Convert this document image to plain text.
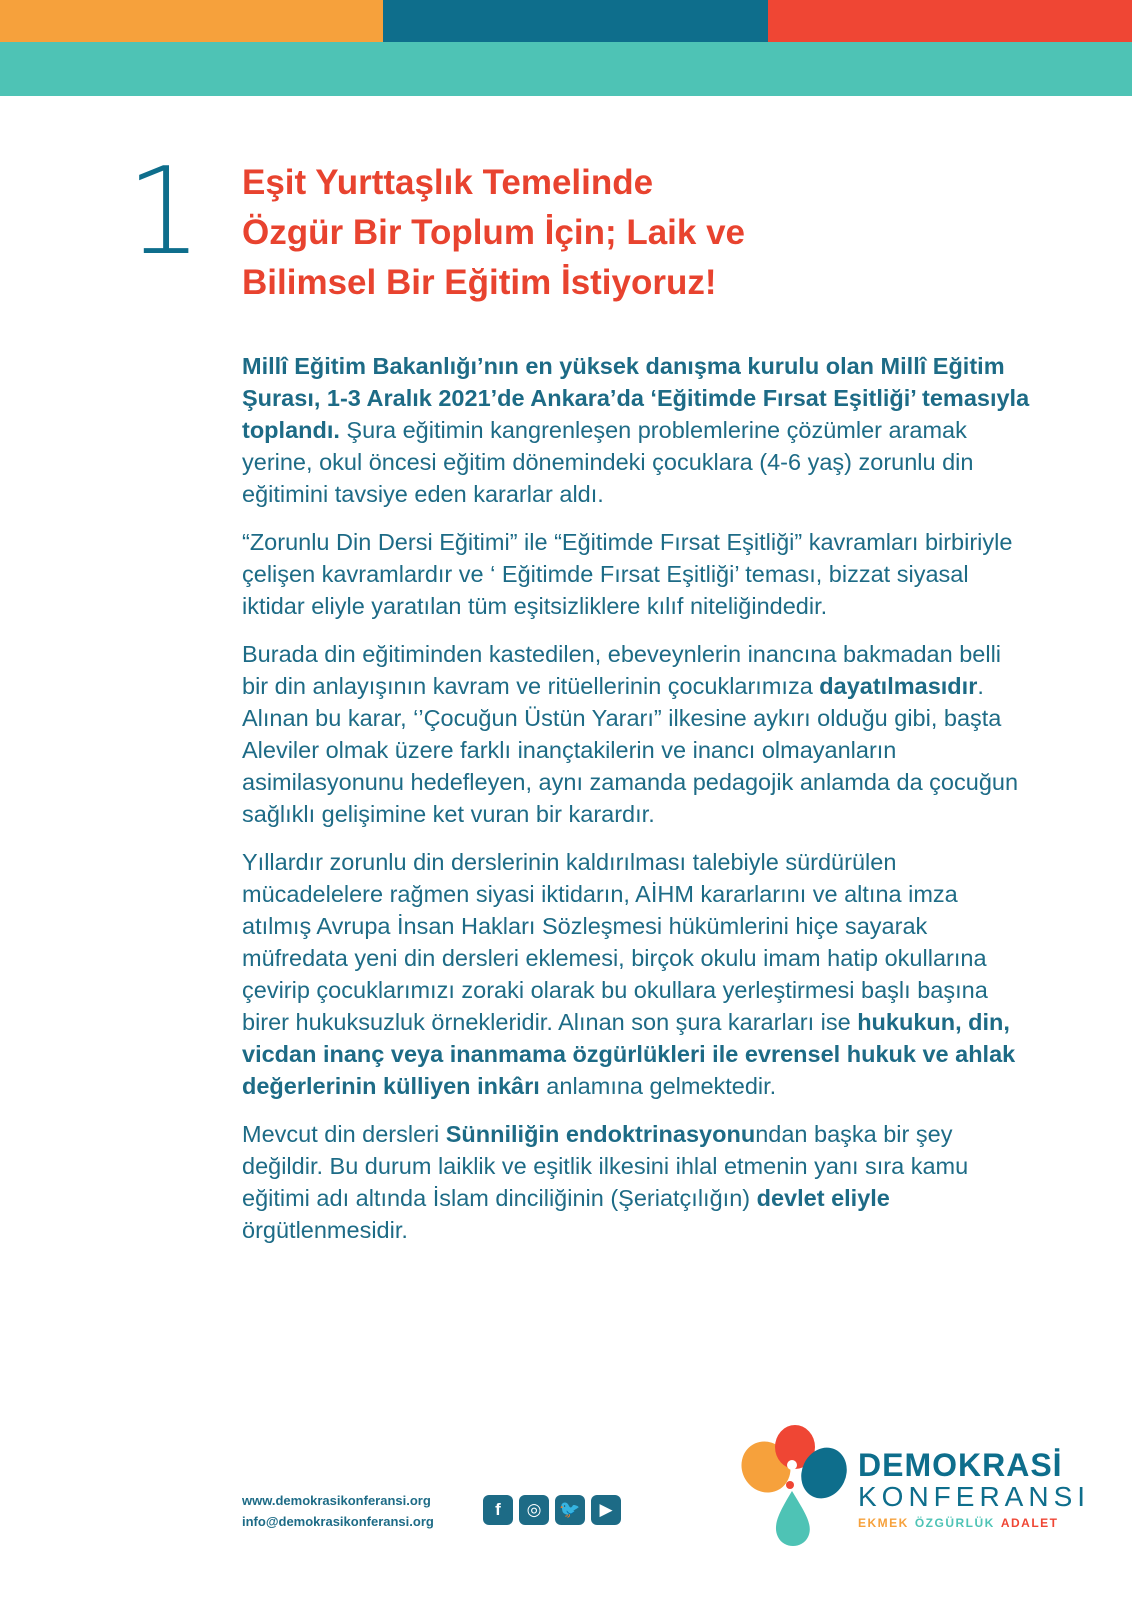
1 Eşit Yurttaşlık Temelinde
Özgür Bir Toplum İçin; Laik ve
Bilimsel Bir Eğitim İstiyoruz!

Millî Eğitim Bakanlığı’nın en yüksek danışma kurulu olan Millî Eğitim Şurası, 1-3 Aralık 2021’de Ankara’da ‘Eğitimde Fırsat Eşitliği’ temasıyla toplandı. Şura eğitimin kangrenleşen problemlerine çözümler aramak yerine, okul öncesi eğitim dönemindeki çocuklara (4-6 yaş) zorunlu din eğitimini tavsiye eden kararlar aldı.

“Zorunlu Din Dersi Eğitimi” ile “Eğitimde Fırsat Eşitliği” kavramları birbiriyle çelişen kavramlardır ve ‘ Eğitimde Fırsat Eşitliği’ teması, bizzat siyasal iktidar eliyle yaratılan tüm eşitsizliklere kılıf niteliğindedir.

Burada din eğitiminden kastedilen, ebeveynlerin inancına bakmadan belli bir din anlayışının kavram ve ritüellerinin çocuklarımıza dayatılmasıdır. Alınan bu karar, ‘’Çocuğun Üstün Yararı” ilkesine aykırı olduğu gibi, başta Aleviler olmak üzere farklı inançtakilerin ve inancı olmayanların asimilasyonunu hedefleyen, aynı zamanda pedagojik anlamda da çocuğun sağlıklı gelişimine ket vuran bir karardır.

Yıllardır zorunlu din derslerinin kaldırılması talebiyle sürdürülen mücadelelere rağmen siyasi iktidarın, AİHM kararlarını ve altına imza atılmış Avrupa İnsan Hakları Sözleşmesi hükümlerini hiçe sayarak müfredata yeni din dersleri eklemesi, birçok okulu imam hatip okullarına çevirip çocuklarımızı zoraki olarak bu okullara yerleştirmesi başlı başına birer hukuksuzluk örnekleridir. Alınan son şura kararları ise hukukun, din, vicdan inanç veya inanmama özgürlükleri ile evrensel hukuk ve ahlak değerlerinin külliyen inkârı anlamına gelmektedir.

Mevcut din dersleri Sünniliğin endoktrinasyonundan başka bir şey değildir. Bu durum laiklik ve eşitlik ilkesini ihlal etmenin yanı sıra kamu eğitimi adı altında İslam dinciliğinin (Şeriatçılığın) devlet eliyle örgütlenmesidir.

www.demokrasikonferansi.org
info@demokrasikonferansi.org
f	◎	🐦	▶
DEMOKRASİ
KONFERANSI
EKMEK ÖZGÜRLÜK ADALET
